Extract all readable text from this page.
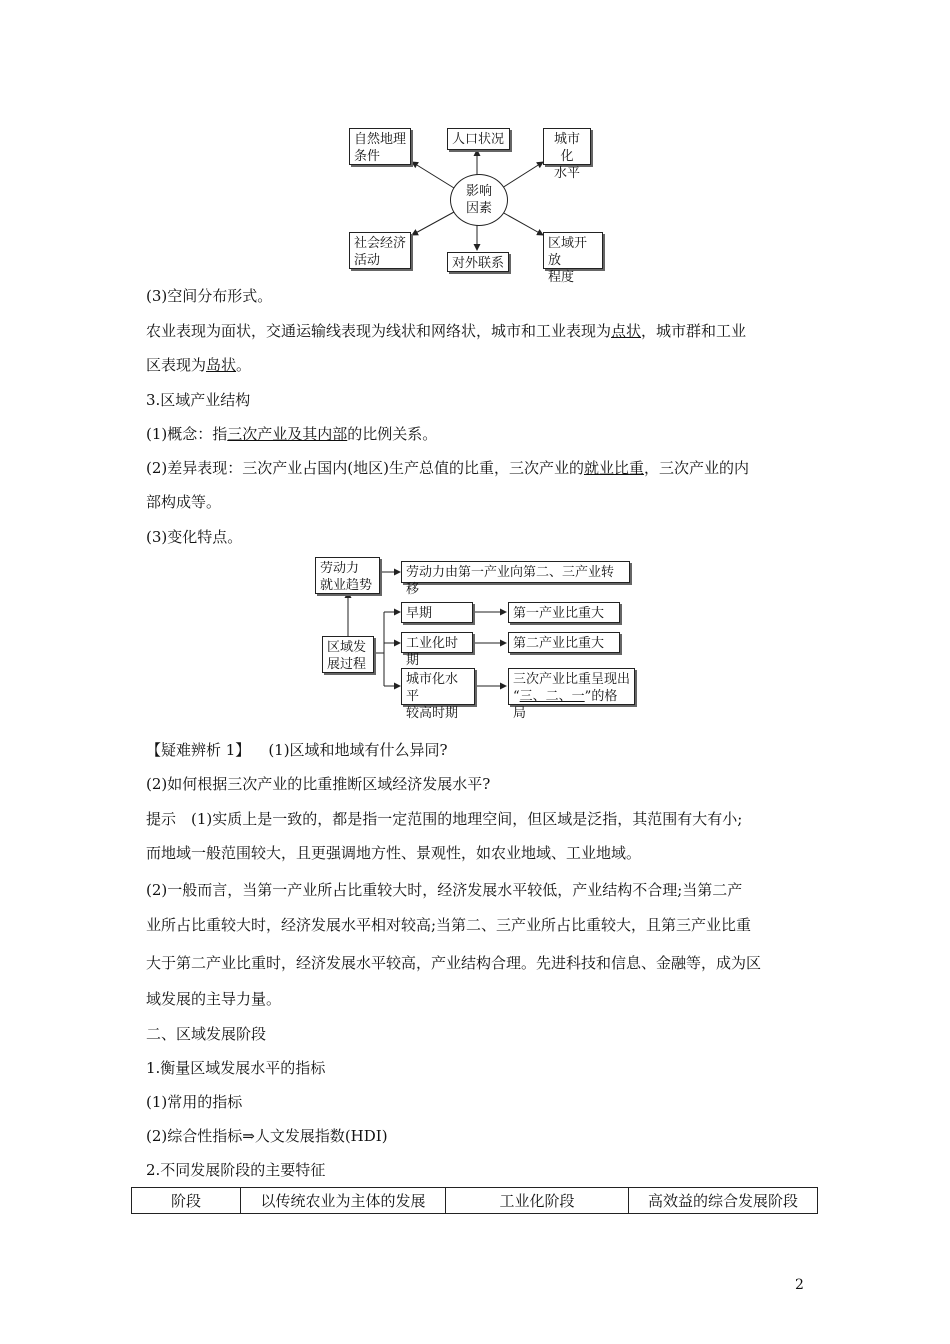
影响
因素
自然地理
条件
人口状况	城市化
水平
社会经济
活动	对外联系
区域开放
程度
(3)空间分布形式。
农业表现为面状，交通运输线表现为线状和网络状，城市和工业表现为点状，城市群和工业
区表现为岛状。
3.区域产业结构
(1)概念：指三次产业及其内部的比例关系。
(2)差异表现：三次产业占国内(地区)生产总值的比重，三次产业的就业比重，三次产业的内
部构成等。
(3)变化特点。
劳动力
就业趋势
劳动力由第一产业向第二、三产业转移
区域发
展过程
早期	第一产业比重大
工业化时期
第二产业比重大
城市化水平
较高时期
三次产业比重呈现出
“三、二、一”的格局
【疑难辨析 1】 (1)区域和地域有什么异同?
(2)如何根据三次产业的比重推断区域经济发展水平?
提示　(1)实质上是一致的，都是指一定范围的地理空间，但区域是泛指，其范围有大有小;
而地域一般范围较大，且更强调地方性、景观性，如农业地域、工业地域。
(2)一般而言，当第一产业所占比重较大时，经济发展水平较低，产业结构不合理;当第二产
业所占比重较大时，经济发展水平相对较高;当第二、三产业所占比重较大，且第三产业比重
大于第二产业比重时，经济发展水平较高，产业结构合理。先进科技和信息、金融等，成为区
域发展的主导力量。
二、区域发展阶段
1.衡量区域发展水平的指标
(1)常用的指标
(2)综合性指标⇒人文发展指数(HDI)
2.不同发展阶段的主要特征
阶段	以传统农业为主体的发展	工业化阶段	高效益的综合发展阶段
2
